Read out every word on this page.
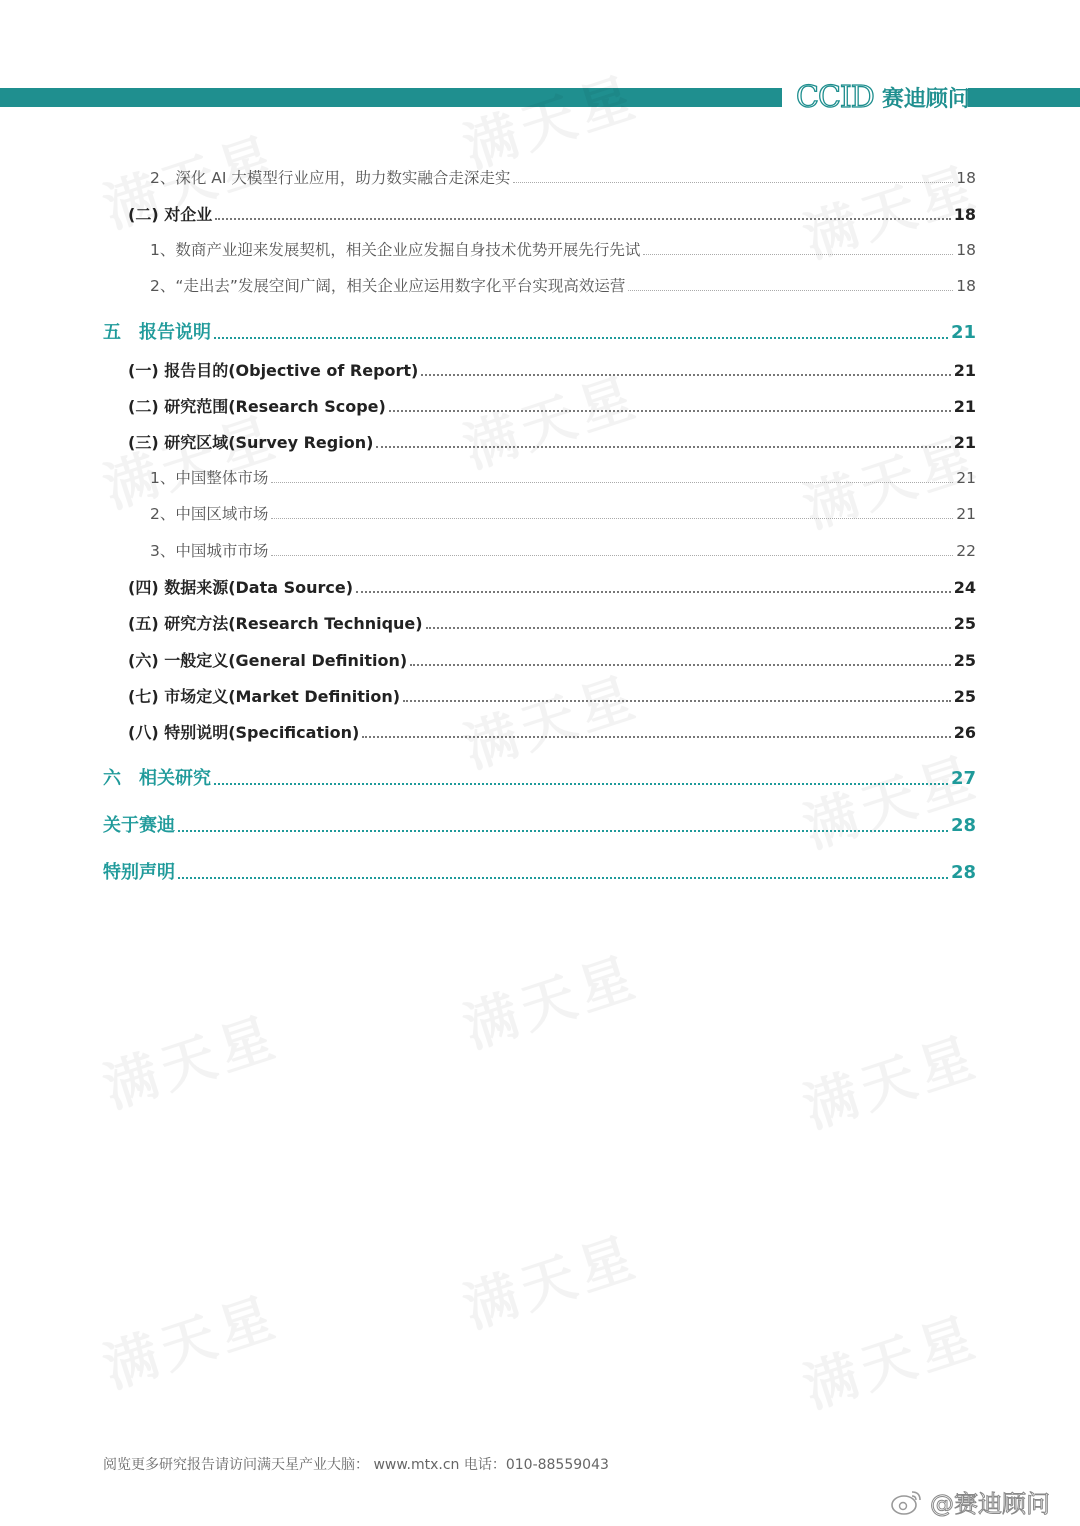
CCID 赛迪顾问
2、深化 AI 大模型行业应用，助力数实融合走深走实	18
(二) 对企业	18
1、数商产业迎来发展契机，相关企业应发掘自身技术优势开展先行先试	18
2、“走出去”发展空间广阔，相关企业应运用数字化平台实现高效运营	18
五 报告说明	21
(一) 报告目的(Objective of Report)	21
(二) 研究范围(Research Scope)	21
(三) 研究区域(Survey Region)	21
1、中国整体市场	21
2、中国区域市场	21
3、中国城市市场	22
(四) 数据来源(Data Source)	24
(五) 研究方法(Research Technique)	25
(六) 一般定义(General Definition)	25
(七) 市场定义(Market Definition)	25
(八) 特别说明(Specification)	26
六 相关研究	27
关于赛迪	28
特别声明	28
阅览更多研究报告请访问满天星产业大脑： www.mtx.cn 电话：010-88559043
@赛迪顾问
